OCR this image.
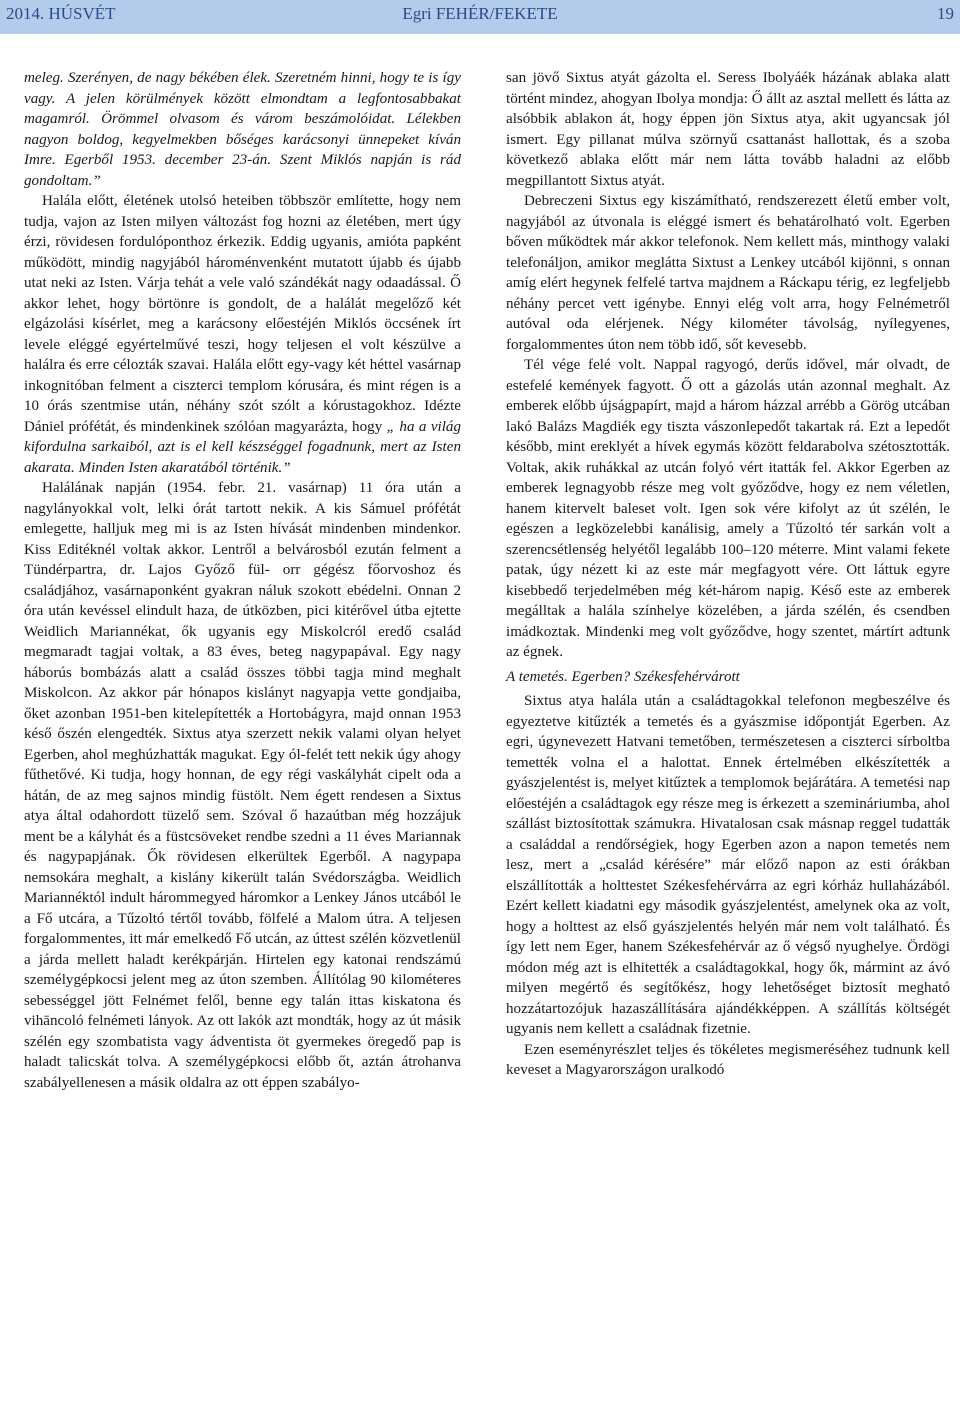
2014. HÚSVÉT	Egri FEHÉR/FEKETE	19

meleg. Szerényen, de nagy békében élek. Szeretném hinni, hogy te is így vagy. A jelen körülmények között elmondtam a legfontosabbakat magamról. Örömmel olvasom és várom beszámolóidat. Lélekben nagyon boldog, kegyelmekben bőséges karácsonyi ünnepeket kíván Imre. Egerből 1953. december 23-án. Szent Miklós napján is rád gondoltam.”

Halála előtt, életének utolsó heteiben többször említette, hogy nem tudja, vajon az Isten milyen változást fog hozni az életében, mert úgy érzi, rövidesen fordulóponthoz érkezik. Eddig ugyanis, amióta papként működött, mindig nagyjából hároménvenként mutatott újabb és újabb utat neki az Isten. Várja tehát a vele való szándékát nagy odaadással. Ő akkor lehet, hogy börtönre is gondolt, de a halálát megelőző két elgázolási kísérlet, meg a karácsony előestéjén Miklós öccsének írt levele eléggé egyértelművé teszi, hogy teljesen el volt készülve a halálra és erre célozták szavai. Halála előtt egy-vagy két héttel vasárnap inkognitóban felment a ciszterci templom kórusára, és mint régen is a 10 órás szentmise után, néhány szót szólt a kórustagokhoz. Idézte Dániel prófétát, és mindenkinek szólóan magyarázta, hogy „ ha a világ kifordulna sarkaiból, azt is el kell készséggel fogadnunk, mert az Isten akarata. Minden Isten akaratából történik.”

Halálának napján (1954. febr. 21. vasárnap) 11 óra után a nagylányokkal volt, lelki órát tartott nekik. A kis Sámuel prófétát emlegette, halljuk meg mi is az Isten hívását mindenben mindenkor. Kiss Editéknél voltak akkor. Lentről a belvárosból ezután felment a Tündérpartra, dr. Lajos Győző fül- orr gégész főorvoshoz és családjához, vasárnaponként gyakran náluk szokott ebédelni. Onnan 2 óra után kevéssel elindult haza, de útközben, pici kitérővel útba ejtette Weidlich Mariannékat, ők ugyanis egy Miskolcról eredő család megmaradt tagjai voltak, a 83 éves, beteg nagypapával. Egy nagy háborús bombázás alatt a család összes többi tagja mind meghalt Miskolcon. Az akkor pár hónapos kislányt nagyapja vette gondjaiba, őket azonban 1951-ben kitelepítették a Hortobágyra, majd onnan 1953 késő őszén elengedték. Sixtus atya szerzett nekik valami olyan helyet Egerben, ahol meghúzhatták magukat. Egy ól-felét tett nekik úgy ahogy fűthetővé. Ki tudja, hogy honnan, de egy régi vaskályhát cipelt oda a hátán, de az meg sajnos mindig füstölt. Nem égett rendesen a Sixtus atya által odahordott tüzelő sem. Szóval ő hazaútban még hozzájuk ment be a kályhát és a füstcsöveket rendbe szedni a 11 éves Mariannak és nagypapjának. Ők rövidesen elkerültek Egerből. A nagypapa nemsokára meghalt, a kislány kikerült talán Svédországba. Weidlich Mariannéktól indult hárommegyed háromkor a Lenkey János utcából le a Fő utcára, a Tűzoltó tértől tovább, fölfelé a Malom útra. A teljesen forgalommentes, itt már emelkedő Fő utcán, az úttest szélén közvetlenül a járda mellett haladt kerékpárján. Hirtelen egy katonai rendszámú személygépkocsi jelent meg az úton szemben. Állítólag 90 kilométeres sebességgel jött Felnémet felől, benne egy talán ittas kiskatona és vihāncoló felnémeti lányok. Az ott lakók azt mondták, hogy az út másik szélén egy szombatista vagy ádventista öt gyermekes öregedő pap is haladt talicskát tolva. A személygépkocsi előbb őt, aztán átrohanva szabályellenesen a másik oldalra az ott éppen szabályo-

san jövő Sixtus atyát gázolta el. Seress Ibolyáék házának ablaka alatt történt mindez, ahogyan Ibolya mondja: Ő állt az asztal mellett és látta az alsóbbik ablakon át, hogy éppen jön Sixtus atya, akit ugyancsak jól ismert. Egy pillanat múlva szörnyű csattanást hallottak, és a szoba következő ablaka előtt már nem látta tovább haladni az előbb megpillantott Sixtus atyát.

Debreczeni Sixtus egy kiszámítható, rendszerezett életű ember volt, nagyjából az útvonala is eléggé ismert és behatárolható volt. Egerben bőven működtek már akkor telefonok. Nem kellett más, minthogy valaki telefonáljon, amikor meglátta Sixtust a Lenkey utcából kijönni, s onnan amíg elért hegynek felfelé tartva majdnem a Ráckapu térig, ez legfeljebb néhány percet vett igénybe. Ennyi elég volt arra, hogy Felnémetről autóval oda elérjenek. Négy kilométer távolság, nyílegyenes, forgalommentes úton nem több idő, sőt kevesebb.

Tél vége felé volt. Nappal ragyogó, derűs idővel, már olvadt, de estefelé kemények fagyott. Ő ott a gázolás után azonnal meghalt. Az emberek előbb újságpapírt, majd a három házzal arrébb a Görög utcában lakó Balázs Magdiék egy tiszta vászonlepedőt takartak rá. Ezt a lepedőt később, mint ereklyét a hívek egymás között feldarabolva szétosztották. Voltak, akik ruhákkal az utcán folyó vért itatták fel. Akkor Egerben az emberek legnagyobb része meg volt győződve, hogy ez nem véletlen, hanem kitervelt baleset volt. Igen sok vére kifolyt az út szélén, le egészen a legközelebbi kanálisig, amely a Tűzoltó tér sarkán volt a szerencsétlenség helyétől legalább 100–120 méterre. Mint valami fekete patak, úgy nézett ki az este már megfagyott vére. Ott láttuk egyre kisebbedő terjedelmében még két-három napig. Késő este az emberek megálltak a halála színhelye közelében, a járda szélén, és csendben imádkoztak. Mindenki meg volt győződve, hogy szentet, mártírt adtunk az égnek.

A temetés. Egerben? Székesfehérvárott

Sixtus atya halála után a családtagokkal telefonon megbeszélve és egyeztetve kitűzték a temetés és a gyászmise időpontját Egerben. Az egri, úgynevezett Hatvani temetőben, természetesen a ciszterci sírboltba temették volna el a halottat. Ennek értelmében elkészítették a gyászjelentést is, melyet kitűztek a templomok bejárátára. A temetési nap előestéjén a családtagok egy része meg is érkezett a szemináriumba, ahol szállást biztosítottak számukra. Hivatalosan csak másnap reggel tudatták a családdal a rendőrségiek, hogy Egerben azon a napon temetés nem lesz, mert a „család kérésére” már előző napon az esti órákban elszállították a holttestet Székesfehérvárra az egri kórház hullaházából. Ezért kellett kiadatni egy második gyászjelentést, amelynek oka az volt, hogy a holttest az első gyászjelentés helyén már nem volt található. És így lett nem Eger, hanem Székesfehérvár az ő végső nyughelye. Ördögi módon még azt is elhitették a családtagokkal, hogy ők, mármint az ávó milyen megértő és segítőkész, hogy lehetőséget biztosít megható hozzátartozójuk hazaszállítására ajándékképpen. A szállítás költségét ugyanis nem kellett a családnak fizetnie.

Ezen eseményrészlet teljes és tökéletes megismeréséhez tudnunk kell keveset a Magyarországon uralkodó
